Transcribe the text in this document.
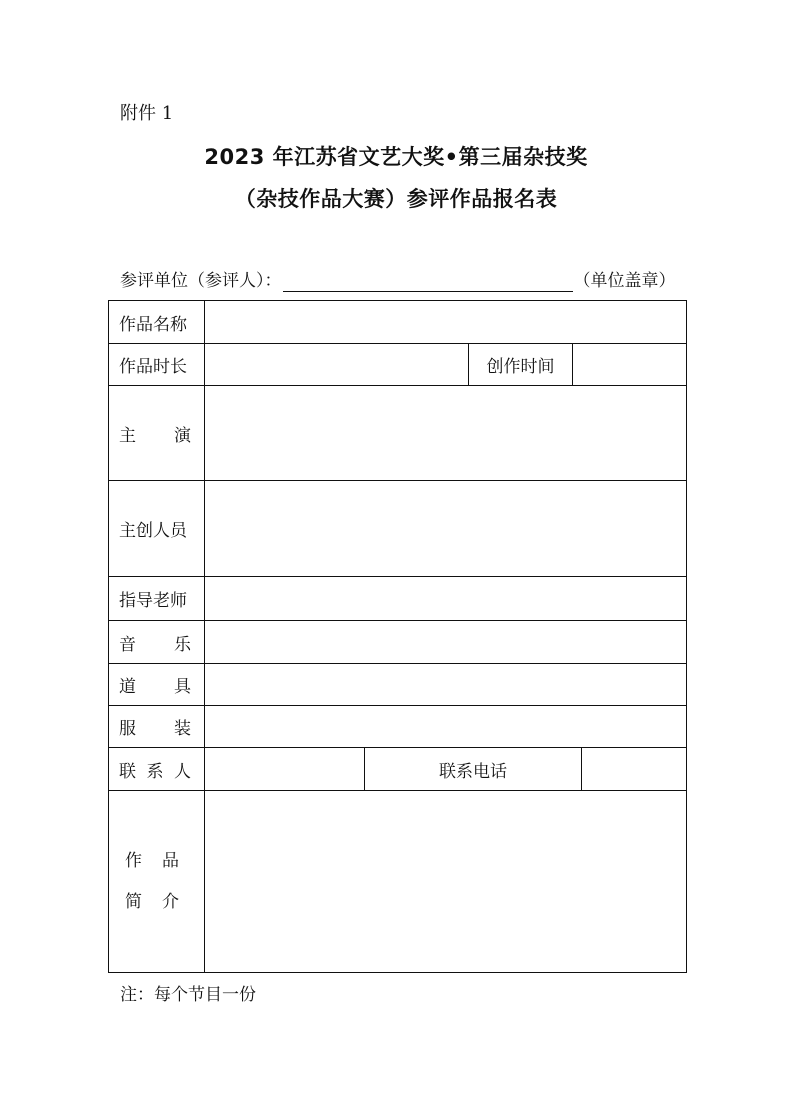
附件 1
2023 年江苏省文艺大奖•第三届杂技奖
（杂技作品大赛）参评作品报名表
参评单位（参评人）：	（单位盖章）
作品名称					
作品时长			创作时间		

主 演					

主创人员					
指导老师					

音 乐					

道 具					

服 装					

联 系 人		联系电话			

作 品
简 介					

注：每个节目一份
